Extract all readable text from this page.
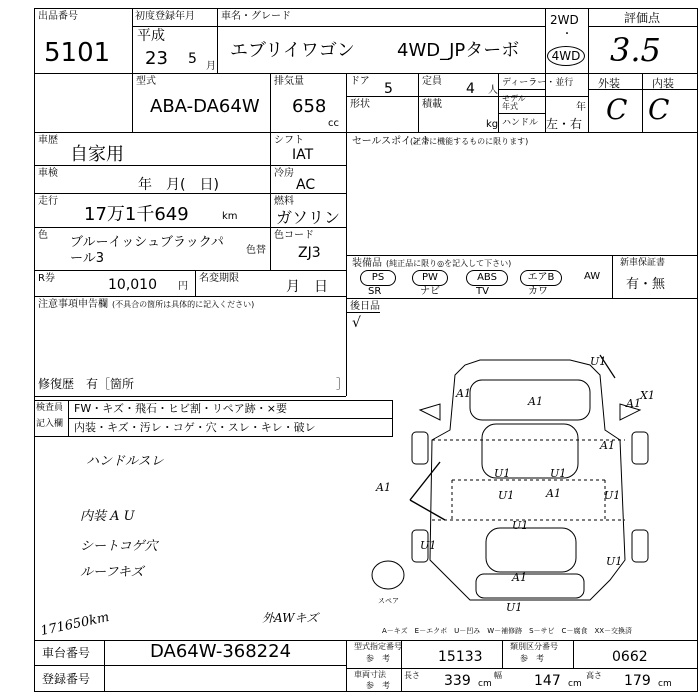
出品番号
5101
初度登録年月
平成
23 5 月
車名・グレード
エブリイワゴン 4WD_JPターボ
2WD
・
4WD
評価点
3.5
外装	内装
C C
型式
ABA-DA64W
排気量
658
cc
ドア 5	定員 4 人
ディーラー・並行
形状	積載
kg
モデル年式	年
ハンドル 左・右
車歴
自家用
シフト
IAT
車検
年　月(　日)
冷房
AC
走行
17万1千649	km
燃料
ガソリン
色 ブルーイッシュブラックパ
ール3
色替
色コード
ZJ3
R券	10,010 円
名変期限
月　日
注意事項申告欄 (不具合の箇所は具体的に記入ください)
修復歴　有［箇所	］
セールスポイント
(正常に機能するものに限ります)
装備品 (純正品に限り◎を記入して下さい)
PS	PW	ABS	エアB	AW
SR	ナビ	TV	カワ
新車保証書
有・無
後日品
√
検査員
記入欄
FW・キズ・飛石・ヒビ割・リペア跡・×要
内装・キズ・汚レ・コゲ・穴・スレ・キレ・破レ
ハンドルスレ
内装 A U
シートコゲ穴
ルーフキズ
171650km	外AWキズ
A1	A1
U1	U1
U1	A1	U1
A1
U1
U1
A1
U1
X1
A1
A1
U1
U1
スペア
A－キズ　E－エクボ　U－凹み　W－補修跡　S－サビ　C－腐食　XX－交換済
車台番号	DA64W-368224
登録番号
型式指定番号
参　考	15133
類別区分番号
参　考	0662
車両寸法
参　考
長さ 339 cm
幅 147 cm
高さ 179 cm
